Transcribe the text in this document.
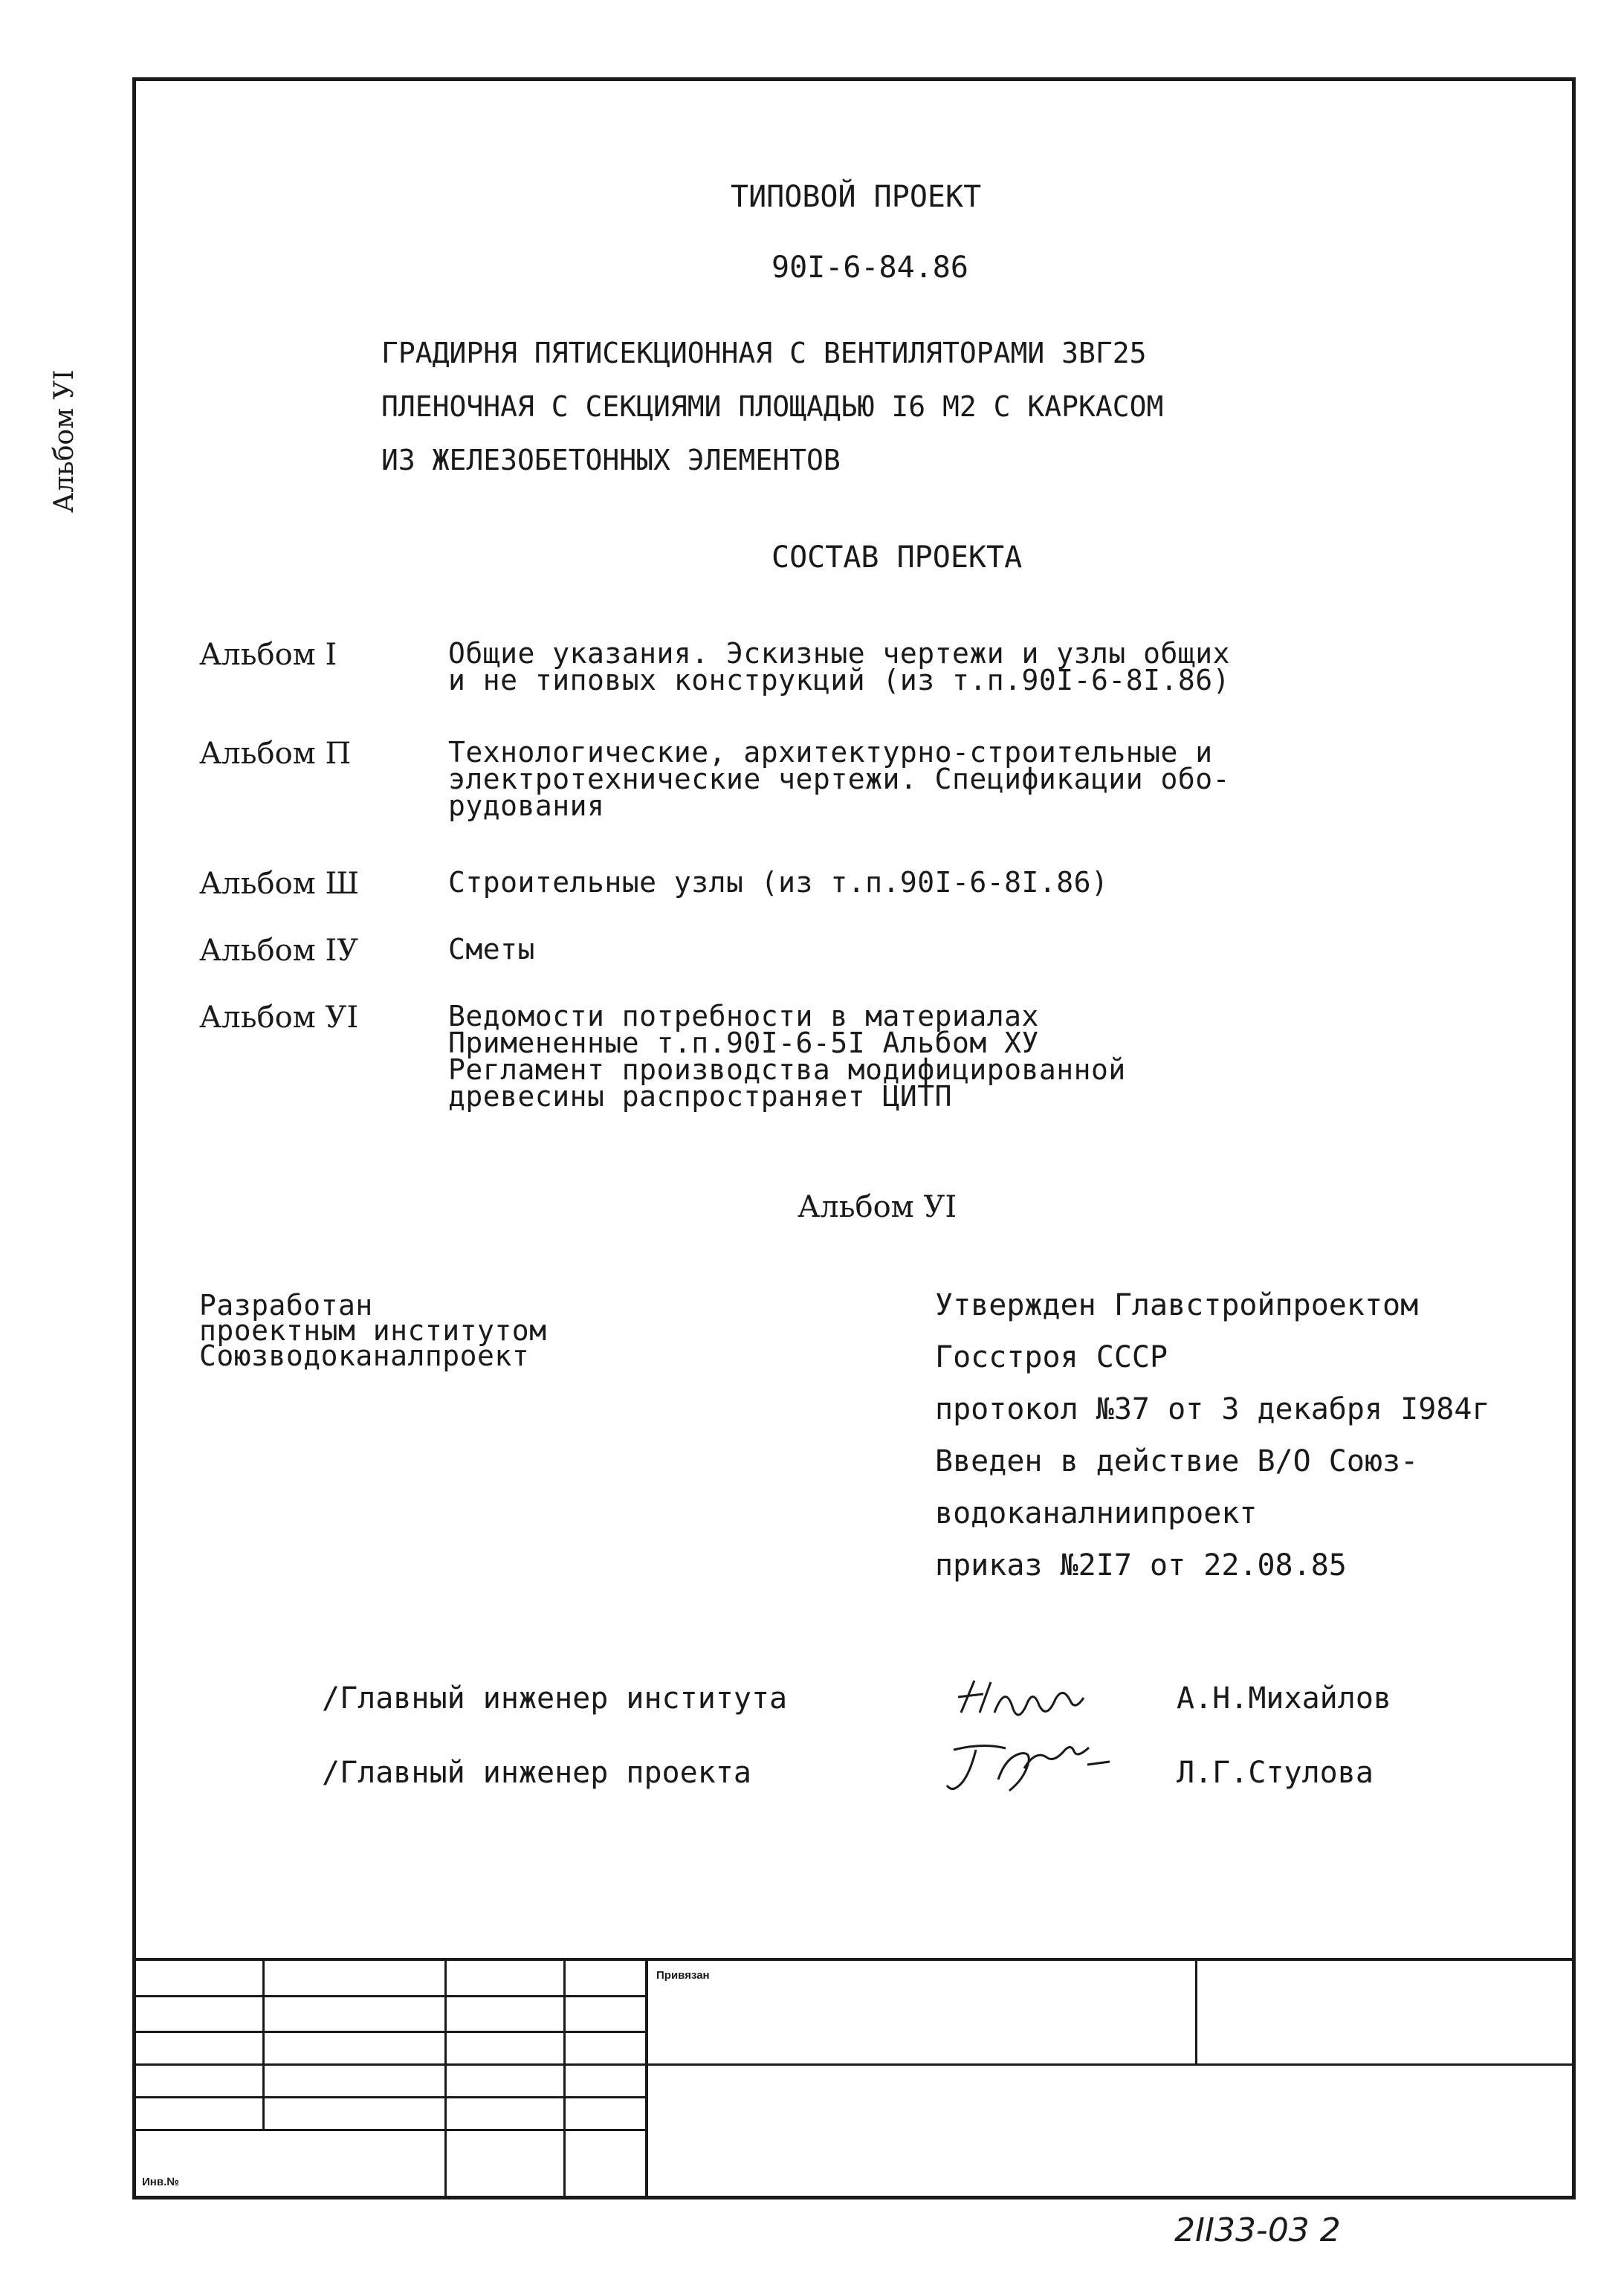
Альбом УI
ТИПОВОЙ ПРОЕКТ
90I-6-84.86
ГРАДИРНЯ ПЯТИСЕКЦИОННАЯ С ВЕНТИЛЯТОРАМИ 3ВГ25
ПЛЕНОЧНАЯ С СЕКЦИЯМИ ПЛОЩАДЬЮ I6 М2 С КАРКАСОМ
ИЗ ЖЕЛЕЗОБЕТОННЫХ ЭЛЕМЕНТОВ
СОСТАВ ПРОЕКТА
Альбом I	Общие указания. Эскизные чертежи и узлы общих
и не типовых конструкций (из т.п.90I-6-8I.86)
Альбом П	Технологические, архитектурно-строительные и
электротехнические чертежи. Спецификации обо-
рудования
Альбом Ш	Строительные узлы (из т.п.90I-6-8I.86)
Альбом IУ	Сметы
Альбом УI	Ведомости потребности в материалах
Примененные т.п.90I-6-5I Альбом ХУ
Регламент производства модифицированной
древесины распространяет ЦИТП
Альбом УI
Разработан
проектным институтом
Союзводоканалпроект
Утвержден Главстройпроектом
Госстроя СССР
протокол №37 от 3 декабря I984г
Введен в действие В/О Союз-
водоканалниипроект
приказ №2I7 от 22.08.85
/Главный инженер института	А.Н.Михайлов
/Главный инженер проекта	Л.Г.Стулова
Привязан
Инв.№
2II33-03 2
